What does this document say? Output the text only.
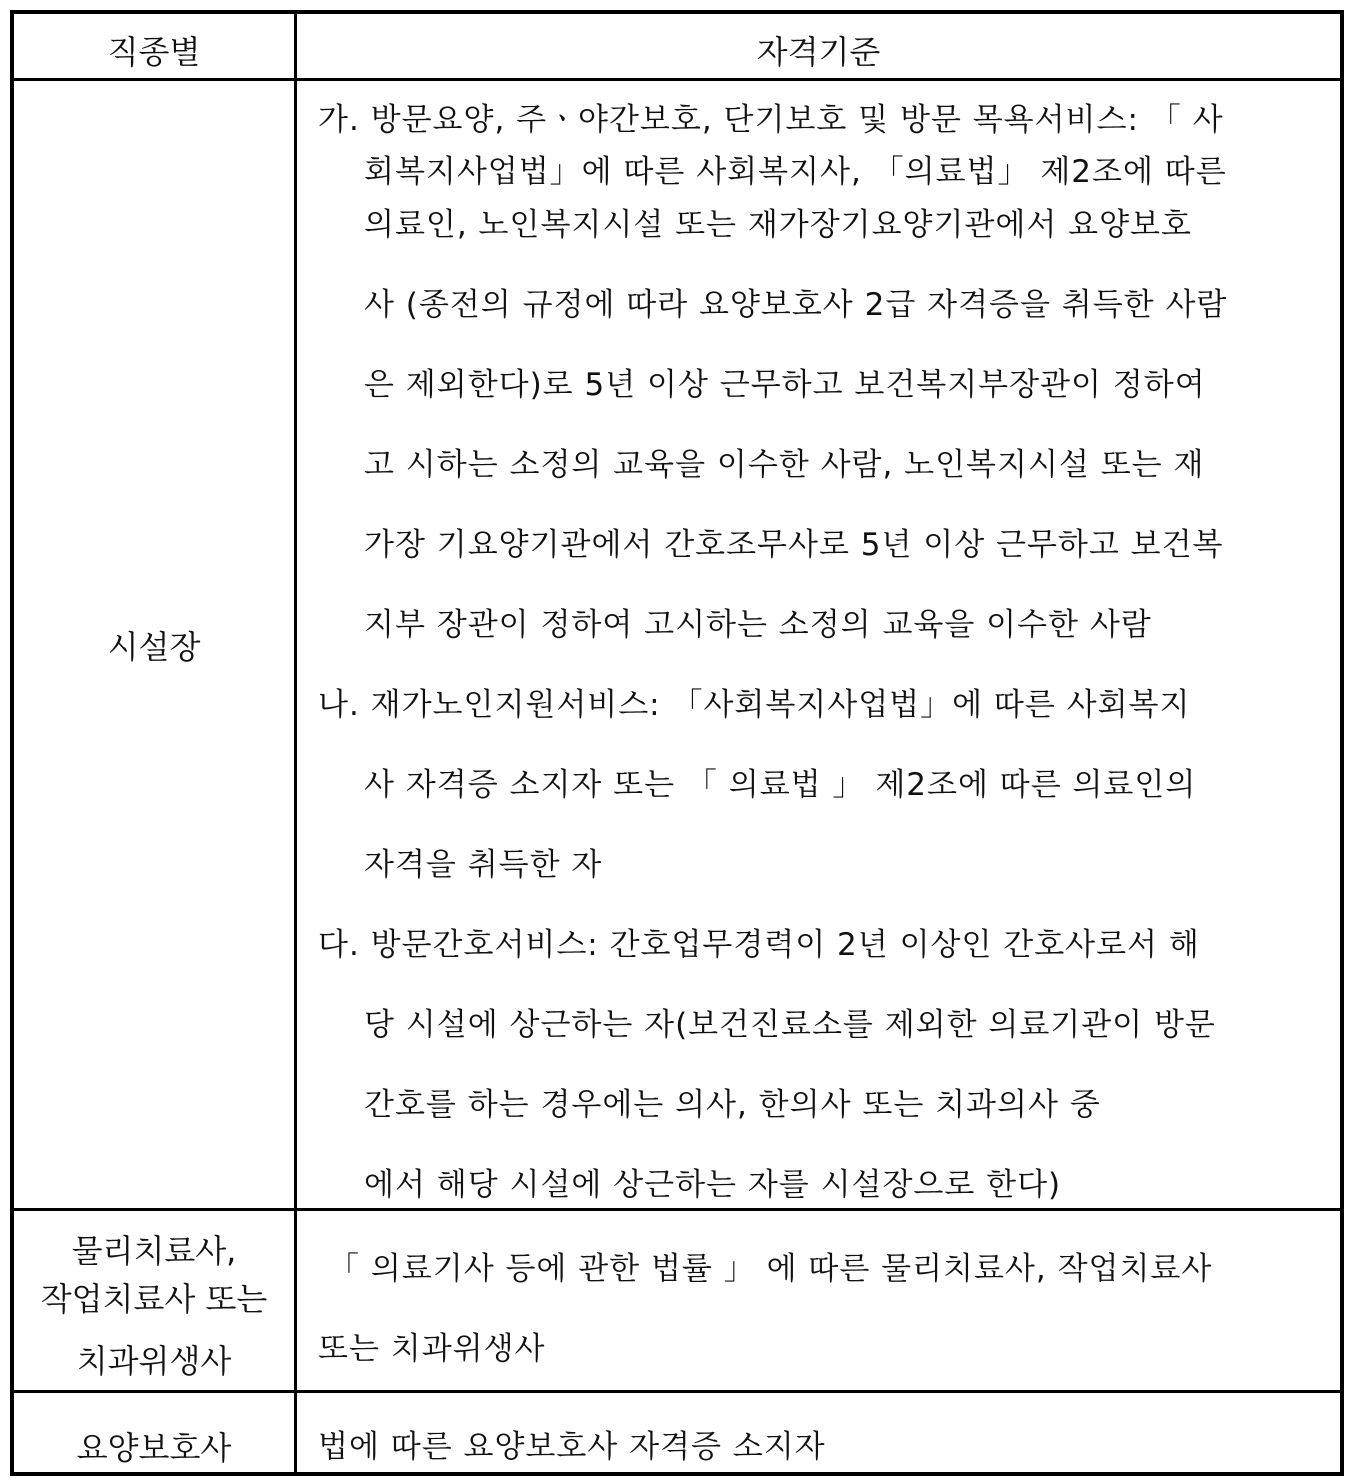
직종별	자격기준
시설장
가. 방문요양, 주ㆍ야간보호, 단기보호 및 방문 목욕서비스: 「 사
회복지사업법」에 따른 사회복지사, 「의료법」 제2조에 따른
의료인, 노인복지시설 또는 재가장기요양기관에서 요양보호
사 (종전의 규정에 따라 요양보호사 2급 자격증을 취득한 사람
은 제외한다)로 5년 이상 근무하고 보건복지부장관이 정하여
고 시하는 소정의 교육을 이수한 사람, 노인복지시설 또는 재
가장 기요양기관에서 간호조무사로 5년 이상 근무하고 보건복
지부 장관이 정하여 고시하는 소정의 교육을 이수한 사람
나. 재가노인지원서비스: 「사회복지사업법」에 따른 사회복지
사 자격증 소지자 또는 「 의료법 」 제2조에 따른 의료인의
자격을 취득한 자
다. 방문간호서비스: 간호업무경력이 2년 이상인 간호사로서 해
당 시설에 상근하는 자(보건진료소를 제외한 의료기관이 방문
간호를 하는 경우에는 의사, 한의사 또는 치과의사 중
에서 해당 시설에 상근하는 자를 시설장으로 한다)
물리치료사,
작업치료사 또는
치과위생사
「 의료기사 등에 관한 법률 」 에 따른 물리치료사, 작업치료사
또는 치과위생사
요양보호사	법에 따른 요양보호사 자격증 소지자
